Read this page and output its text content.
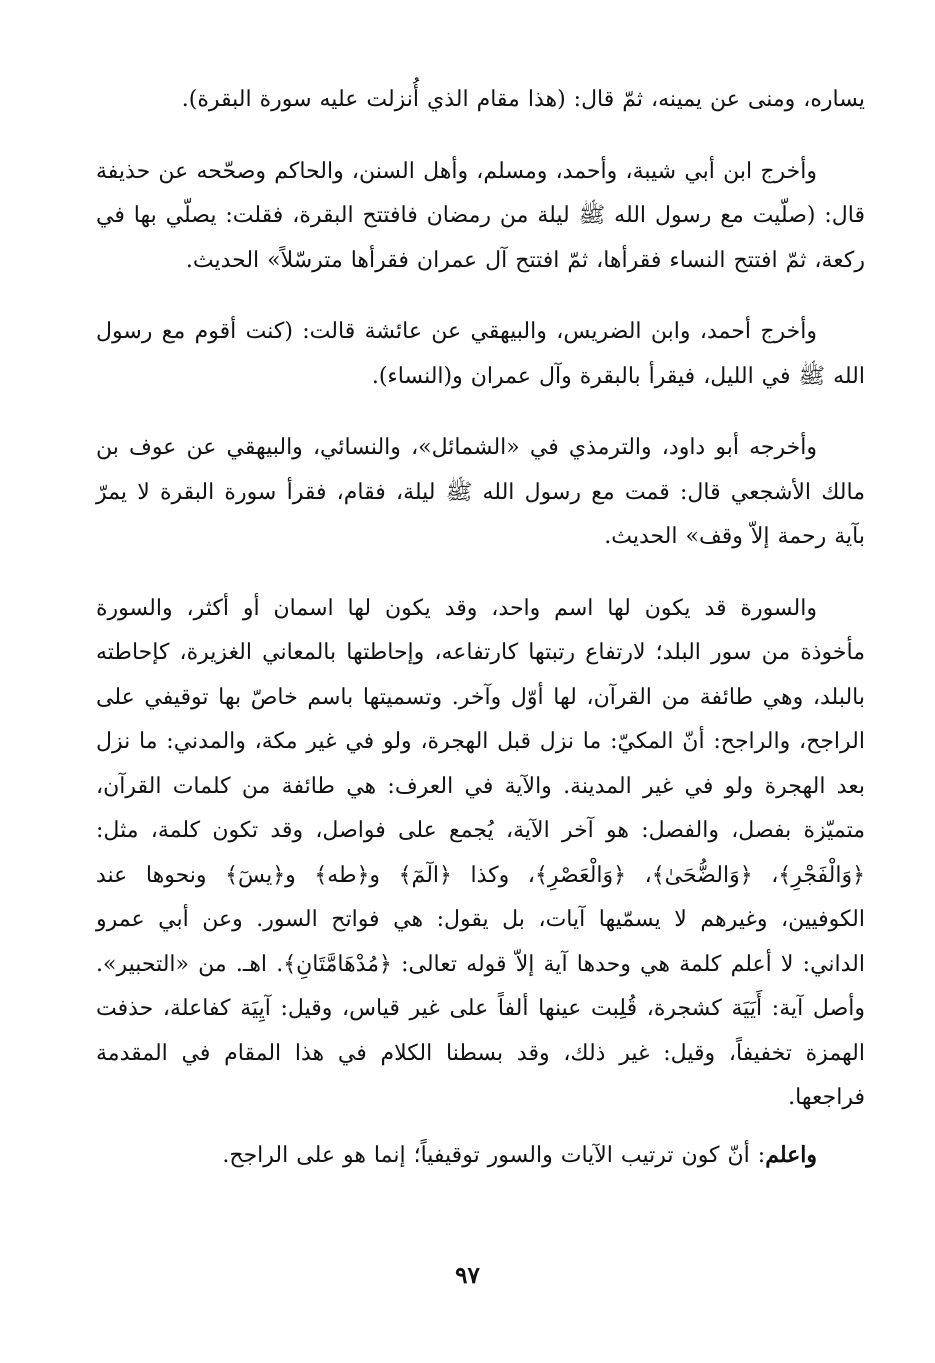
يساره، ومنى عن يمينه، ثمّ قال: (هذا مقام الذي أُنزلت عليه سورة البقرة).

وأخرج ابن أبي شيبة، وأحمد، ومسلم، وأهل السنن، والحاكم وصحّحه عن حذيفة قال: (صلّيت مع رسول الله ﷺ ليلة من رمضان فافتتح البقرة، فقلت: يصلّي بها في ركعة، ثمّ افتتح النساء فقرأها، ثمّ افتتح آل عمران فقرأها مترسّلاً» الحديث.

وأخرج أحمد، وابن الضريس، والبيهقي عن عائشة قالت: (كنت أقوم مع رسول الله ﷺ في الليل، فيقرأ بالبقرة وآل عمران و(النساء).

وأخرجه أبو داود، والترمذي في «الشمائل»، والنسائي، والبيهقي عن عوف بن مالك الأشجعي قال: قمت مع رسول الله ﷺ ليلة، فقام، فقرأ سورة البقرة لا يمرّ بآية رحمة إلاّ وقف» الحديث.

والسورة قد يكون لها اسم واحد، وقد يكون لها اسمان أو أكثر، والسورة مأخوذة من سور البلد؛ لارتفاع رتبتها كارتفاعه، وإحاطتها بالمعاني الغزيرة، كإحاطته بالبلد، وهي طائفة من القرآن، لها أوّل وآخر. وتسميتها باسم خاصّ بها توقيفي على الراجح، والراجح: أنّ المكيّ: ما نزل قبل الهجرة، ولو في غير مكة، والمدني: ما نزل بعد الهجرة ولو في غير المدينة. والآية في العرف: هي طائفة من كلمات القرآن، متميّزة بفصل، والفصل: هو آخر الآية، يُجمع على فواصل، وقد تكون كلمة، مثل: ﴿وَالْفَجْرِ﴾، ﴿وَالضُّحَىٰ﴾، ﴿وَالْعَصْرِ﴾، وكذا ﴿الٓمٓ﴾ و﴿طه﴾ و﴿يسٓ﴾ ونحوها عند الكوفيين، وغيرهم لا يسمّيها آيات، بل يقول: هي فواتح السور. وعن أبي عمرو الداني: لا أعلم كلمة هي وحدها آية إلاّ قوله تعالى: ﴿مُدْهَامَّتَانِ﴾. اهـ. من «التحبير». وأصل آية: أَيَيَة كشجرة، قُلِبت عينها ألفاً على غير قياس، وقيل: آيِيَة كفاعلة، حذفت الهمزة تخفيفاً، وقيل: غير ذلك، وقد بسطنا الكلام في هذا المقام في المقدمة فراجعها.

واعلم: أنّ كون ترتيب الآيات والسور توقيفياً؛ إنما هو على الراجح.

٩٧
